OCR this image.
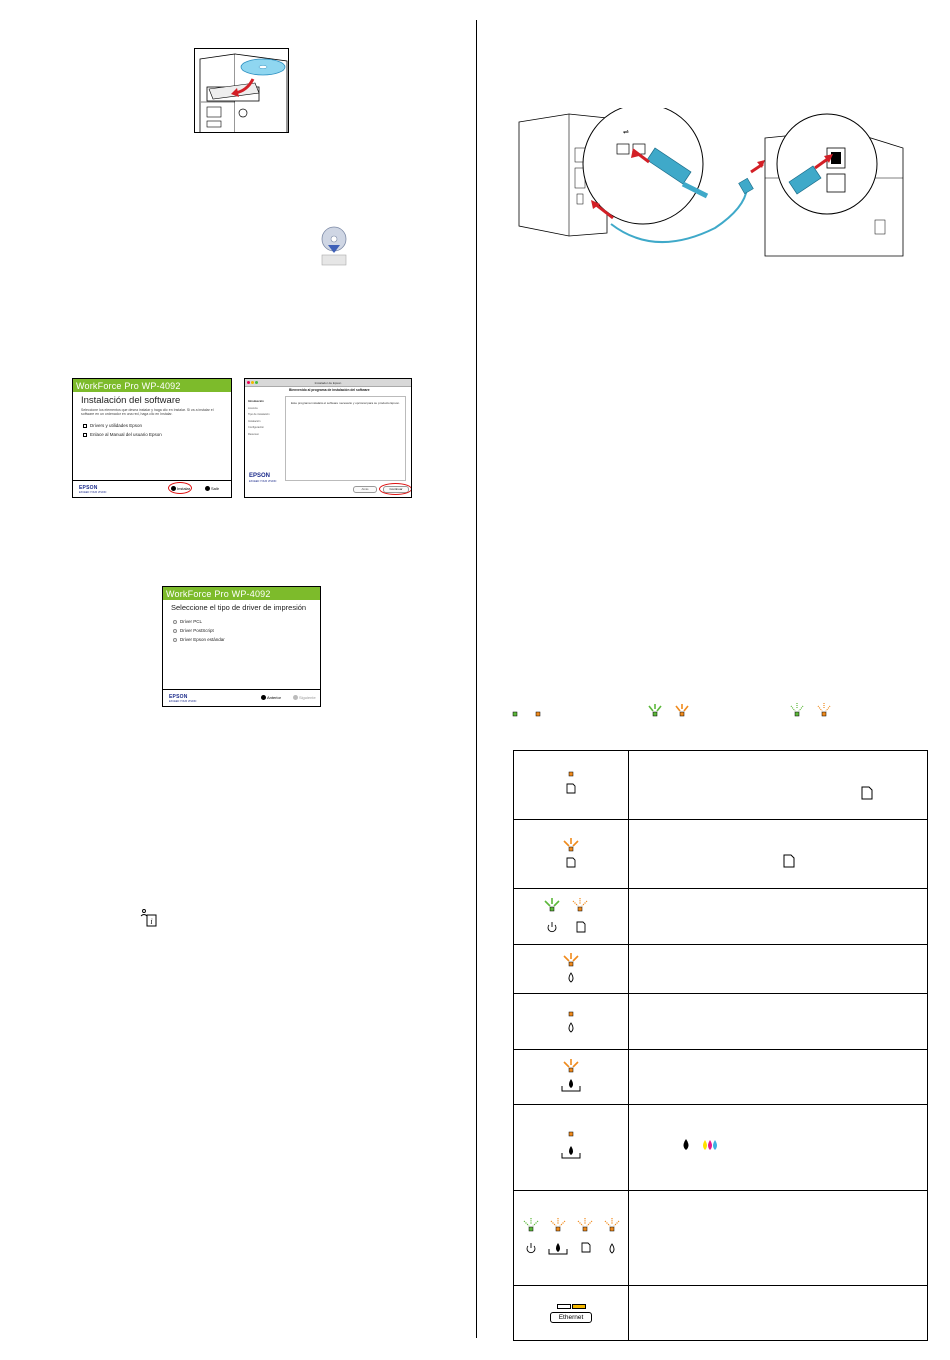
WorkForce Pro WP-4092
Instalación del software
Seleccione los elementos que desea instalar y haga clic en Instalar. Si va a instalar el software en un ordenador en una red, haga clic en Instalar.
Drivers y utilidades Epson
Enlace al Manual del usuario Epson
EPSON
EXCEED YOUR VISION
Instalar	Salir
Instalador de Epson
Bienvenido al programa de instalación del software
Introducción
Licencia
Tipo de instalación
Instalación
Configuración
Resumen
Este programa instalará el software necesario y opcional para su producto Epson.
EPSON
EXCEED YOUR VISION
Atrás	Continuar
WorkForce Pro WP-4092
Seleccione el tipo de driver de impresión
Driver PCL
Driver PostScript
Driver Epson estándar
EPSON
EXCEED YOUR VISION
Anterior	Siguiente
i
⇌

Ethernet	
